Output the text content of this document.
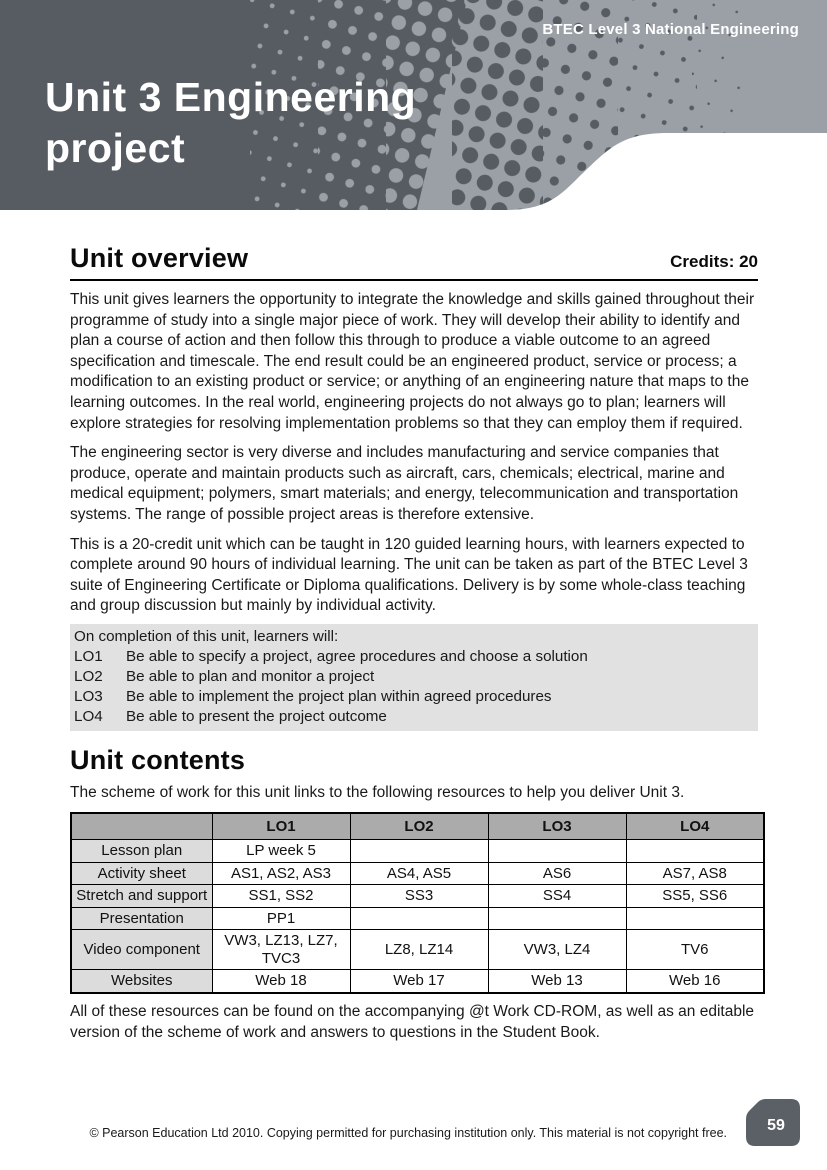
BTEC Level 3 National Engineering
Unit 3 Engineering project
Unit overview	Credits: 20

This unit gives learners the opportunity to integrate the knowledge and skills gained throughout their programme of study into a single major piece of work. They will develop their ability to identify and plan a course of action and then follow this through to produce a viable outcome to an agreed specification and timescale. The end result could be an engineered product, service or process; a modification to an existing product or service; or anything of an engineering nature that maps to the learning outcomes. In the real world, engineering projects do not always go to plan; learners will explore strategies for resolving implementation problems so that they can employ them if required.

The engineering sector is very diverse and includes manufacturing and service companies that produce, operate and maintain products such as aircraft, cars, chemicals; electrical, marine and medical equipment; polymers, smart materials; and energy, telecommunication and transportation systems. The range of possible project areas is therefore extensive.

This is a 20-credit unit which can be taught in 120 guided learning hours, with learners expected to complete around 90 hours of individual learning. The unit can be taken as part of the BTEC Level 3 suite of Engineering Certificate or Diploma qualifications. Delivery is by some whole-class teaching and group discussion but mainly by individual activity.

On completion of this unit, learners will:
LO1	Be able to specify a project, agree procedures and choose a solution
LO2	Be able to plan and monitor a project
LO3	Be able to implement the project plan within agreed procedures
LO4	Be able to present the project outcome
Unit contents

The scheme of work for this unit links to the following resources to help you deliver Unit 3.

	LO1	LO2	LO3	LO4
Lesson plan	LP week 5			
Activity sheet	AS1, AS2, AS3	AS4, AS5	AS6	AS7, AS8
Stretch and support	SS1, SS2	SS3	SS4	SS5, SS6
Presentation	PP1			
Video component	VW3, LZ13, LZ7, TVC3	LZ8, LZ14	VW3, LZ4	TV6
Websites	Web 18	Web 17	Web 13	Web 16

All of these resources can be found on the accompanying @t Work CD-ROM, as well as an editable version of the scheme of work and answers to questions in the Student Book.

© Pearson Education Ltd 2010. Copying permitted for purchasing institution only. This material is not copyright free.	59
